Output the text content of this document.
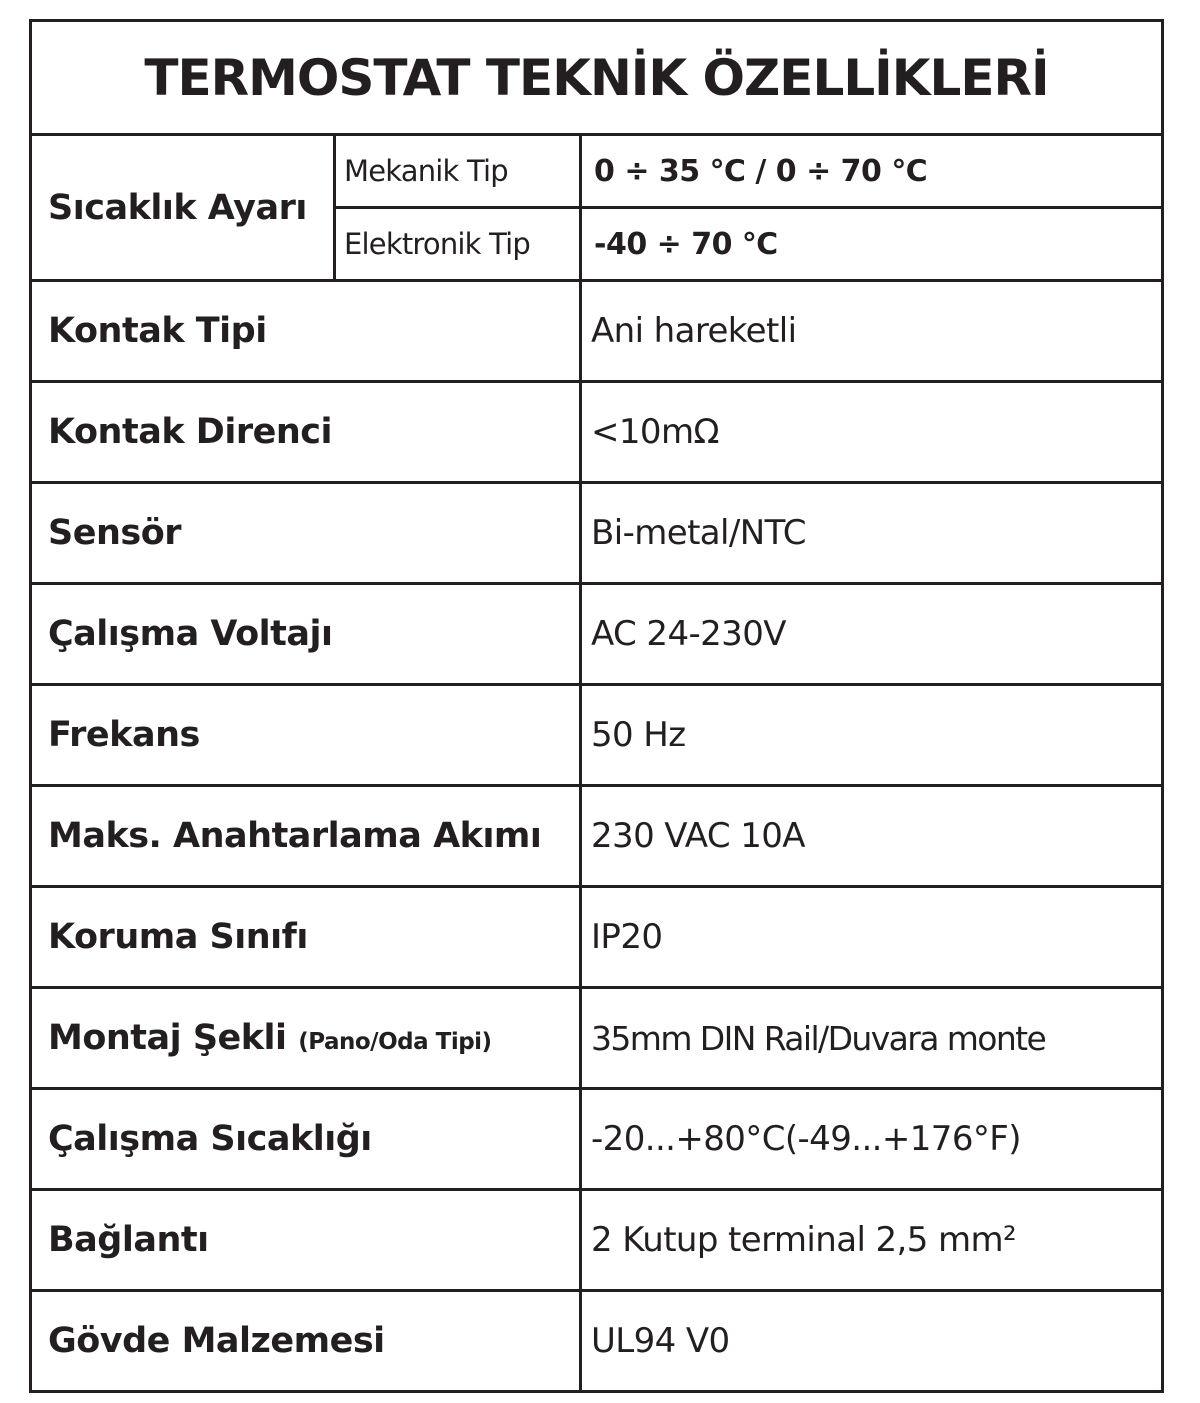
TERMOSTAT TEKNİK ÖZELLİKLERİ		
Sıcaklık Ayarı	Mekanik Tip	0 ÷ 35 ℃ / 0 ÷ 70 ℃
	Elektronik Tip	-40 ÷ 70 ℃
Kontak Tipi		Ani hareketli
Kontak Direnci		<10mΩ
Sensör		Bi-metal/NTC
Çalışma Voltajı		AC 24-230V
Frekans		50 Hz
Maks. Anahtarlama Akımı		230 VAC 10A
Koruma Sınıfı		IP20
Montaj Şekli (Pano/Oda Tipi)		35mm DIN Rail/Duvara monte
Çalışma Sıcaklığı		-20...+80°C(-49...+176°F)
Bağlantı		2 Kutup terminal 2,5 mm²
Gövde Malzemesi		UL94 V0
